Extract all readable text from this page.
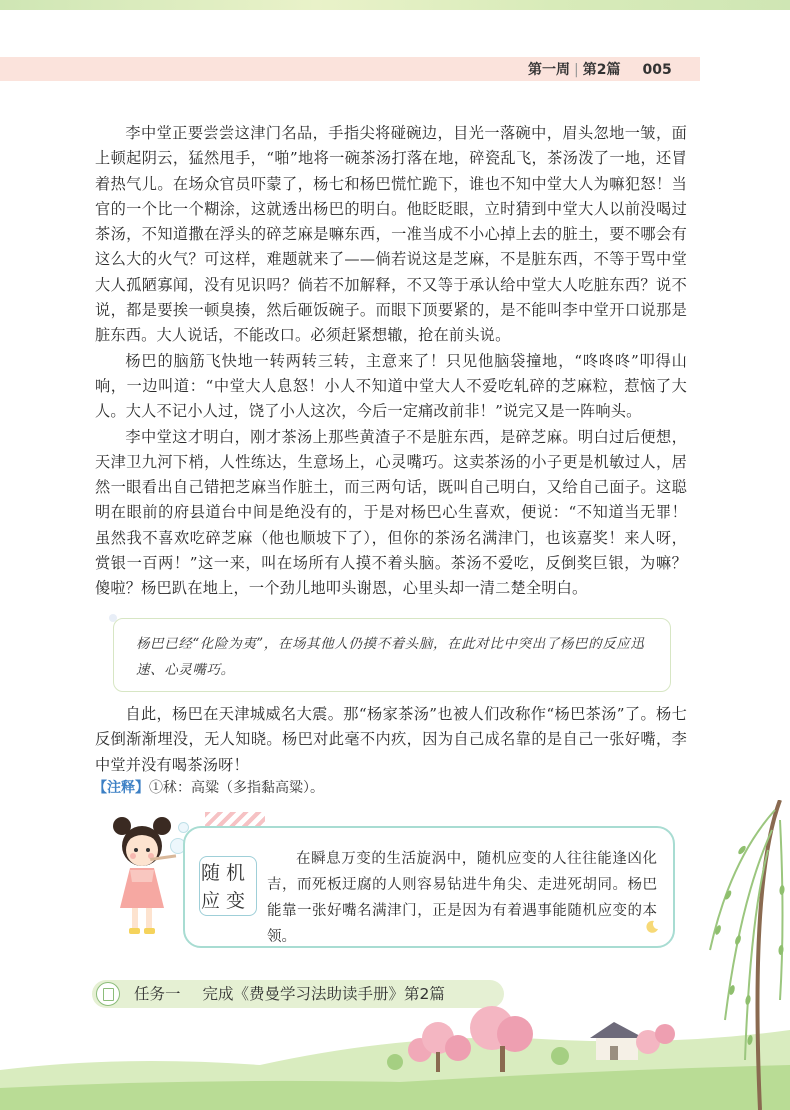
第一周 | 第2篇 005

李中堂正要尝尝这津门名品，手指尖将碰碗边，目光一落碗中，眉头忽地一皱，面上顿起阴云，猛然甩手，“啪”地将一碗茶汤打落在地，碎瓷乱飞，茶汤泼了一地，还冒着热气儿。在场众官员吓蒙了，杨七和杨巴慌忙跪下，谁也不知中堂大人为嘛犯怒！当官的一个比一个糊涂，这就透出杨巴的明白。他眨眨眼，立时猜到中堂大人以前没喝过茶汤，不知道撒在浮头的碎芝麻是嘛东西，一准当成不小心掉上去的脏土，要不哪会有这么大的火气？可这样，难题就来了——倘若说这是芝麻，不是脏东西，不等于骂中堂大人孤陋寡闻，没有见识吗？倘若不加解释，不又等于承认给中堂大人吃脏东西？说不说，都是要挨一顿臭揍，然后砸饭碗子。而眼下顶要紧的，是不能叫李中堂开口说那是脏东西。大人说话，不能改口。必须赶紧想辙，抢在前头说。

杨巴的脑筋飞快地一转两转三转，主意来了！只见他脑袋撞地，“咚咚咚”叩得山响，一边叫道：“中堂大人息怒！小人不知道中堂大人不爱吃轧碎的芝麻粒，惹恼了大人。大人不记小人过，饶了小人这次，今后一定痛改前非！”说完又是一阵响头。

李中堂这才明白，刚才茶汤上那些黄渣子不是脏东西，是碎芝麻。明白过后便想，天津卫九河下梢，人性练达，生意场上，心灵嘴巧。这卖茶汤的小子更是机敏过人，居然一眼看出自己错把芝麻当作脏土，而三两句话，既叫自己明白，又给自己面子。这聪明在眼前的府县道台中间是绝没有的，于是对杨巴心生喜欢，便说：“不知道当无罪！虽然我不喜欢吃碎芝麻（他也顺坡下了），但你的茶汤名满津门，也该嘉奖！来人呀，赏银一百两！”这一来，叫在场所有人摸不着头脑。茶汤不爱吃，反倒奖巨银，为嘛？傻啦？杨巴趴在地上，一个劲儿地叩头谢恩，心里头却一清二楚全明白。

杨巴已经“化险为夷”，在场其他人仍摸不着头脑，在此对比中突出了杨巴的反应迅速、心灵嘴巧。

自此，杨巴在天津城威名大震。那“杨家茶汤”也被人们改称作“杨巴茶汤”了。杨七反倒渐渐埋没，无人知晓。杨巴对此毫不内疚，因为自己成名靠的是自己一张好嘴，李中堂并没有喝茶汤呀！

【注释】①秫：高粱（多指黏高粱）。
随机
应变

在瞬息万变的生活旋涡中，随机应变的人往往能逢凶化吉，而死板迂腐的人则容易钻进牛角尖、走进死胡同。杨巴能靠一张好嘴名满津门，正是因为有着遇事能随机应变的本领。

任务一 完成《费曼学习法助读手册》第2篇
